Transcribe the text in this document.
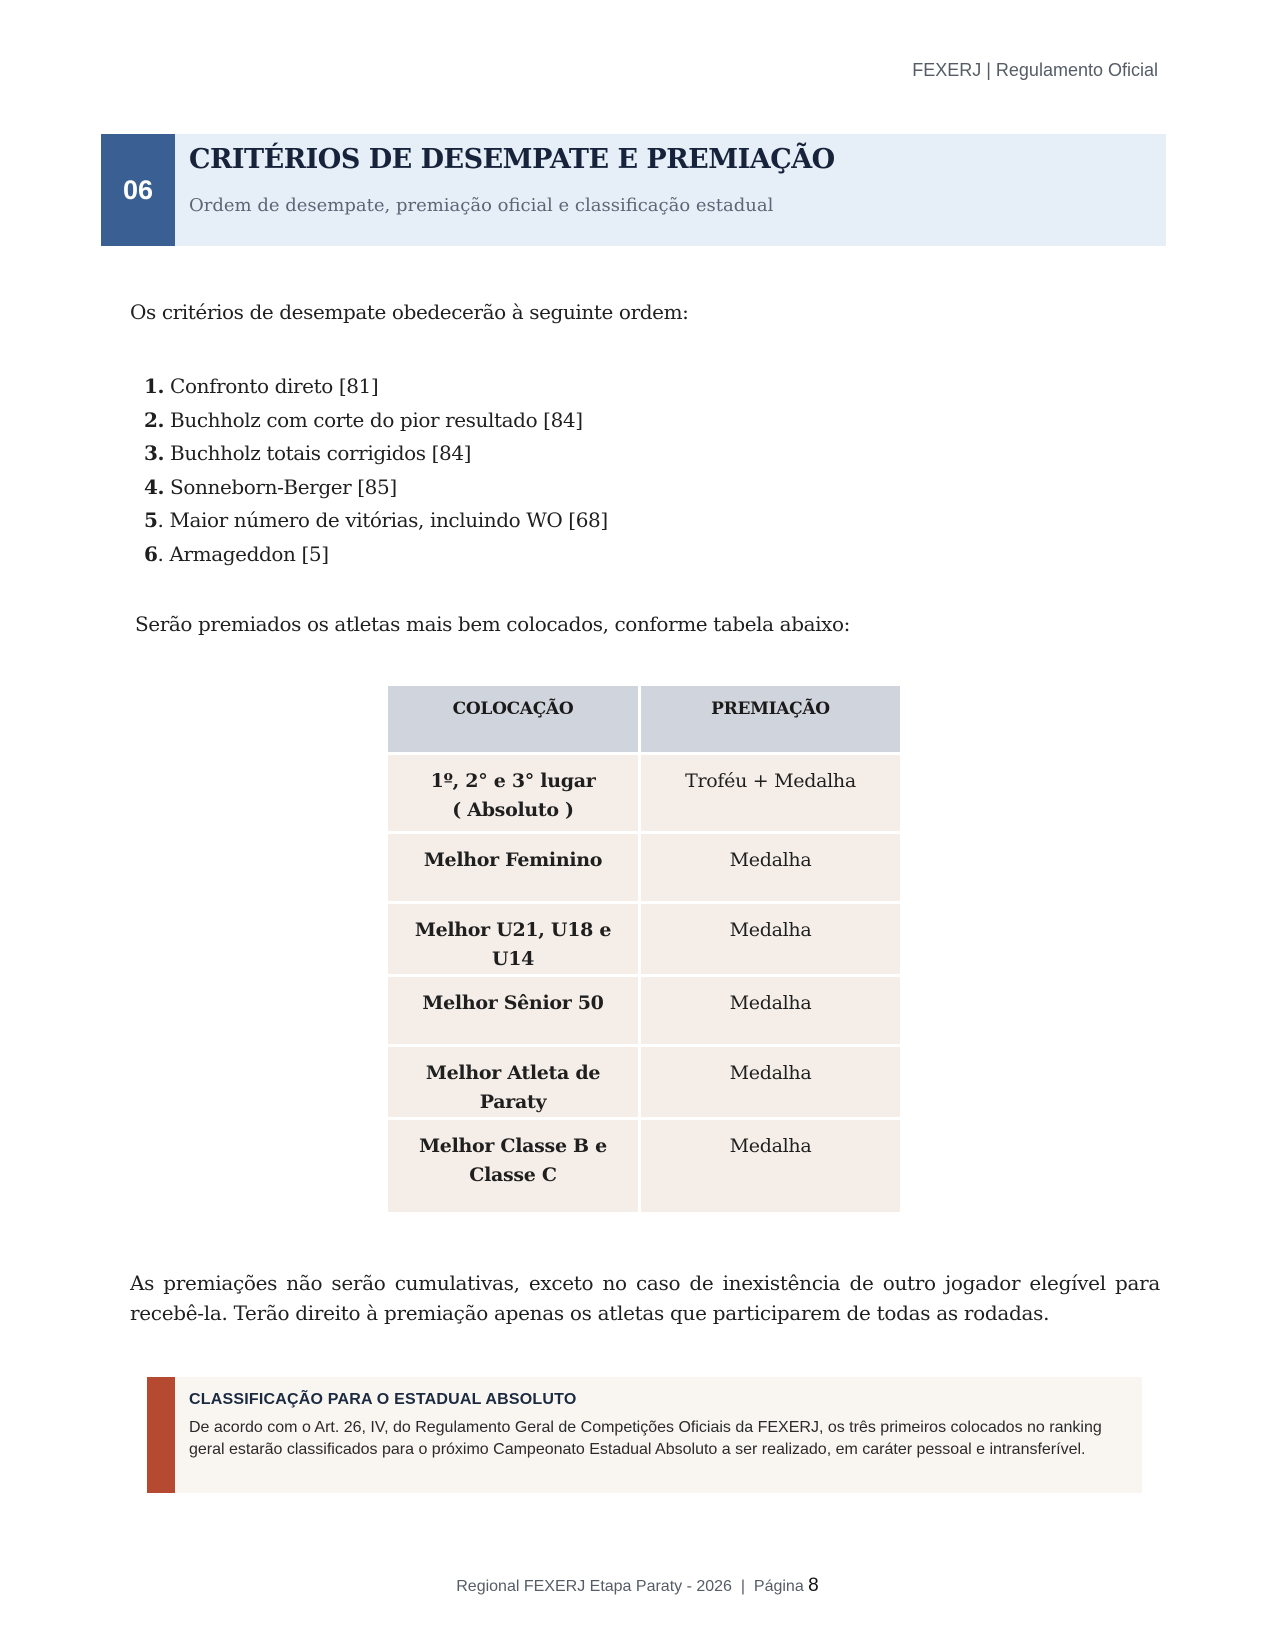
FEXERJ | Regulamento Oficial
06
CRITÉRIOS DE DESEMPATE E PREMIAÇÃO
Ordem de desempate, premiação oficial e classificação estadual
Os critérios de desempate obedecerão à seguinte ordem:
1. Confronto direto [81]
2. Buchholz com corte do pior resultado [84]
3. Buchholz totais corrigidos [84]
4. Sonneborn-Berger [85]
5. Maior número de vitórias, incluindo WO [68]
6. Armageddon [5]
Serão premiados os atletas mais bem colocados, conforme tabela abaixo:
COLOCAÇÃO	PREMIAÇÃO
1º, 2° e 3° lugar
( Absoluto )	Troféu + Medalha
Melhor Feminino	Medalha
Melhor U21, U18 e U14	Medalha
Melhor Sênior 50	Medalha
Melhor Atleta de Paraty	Medalha
Melhor Classe B e
Classe C	Medalha
As premiações não serão cumulativas, exceto no caso de inexistência de outro jogador elegível para recebê-la. Terão direito à premiação apenas os atletas que participarem de todas as rodadas.
CLASSIFICAÇÃO PARA O ESTADUAL ABSOLUTO
De acordo com o Art. 26, IV, do Regulamento Geral de Competições Oficiais da FEXERJ, os três primeiros colocados no ranking geral estarão classificados para o próximo Campeonato Estadual Absoluto a ser realizado, em caráter pessoal e intransferível.
Regional FEXERJ Etapa Paraty - 2026  |  Página 8
